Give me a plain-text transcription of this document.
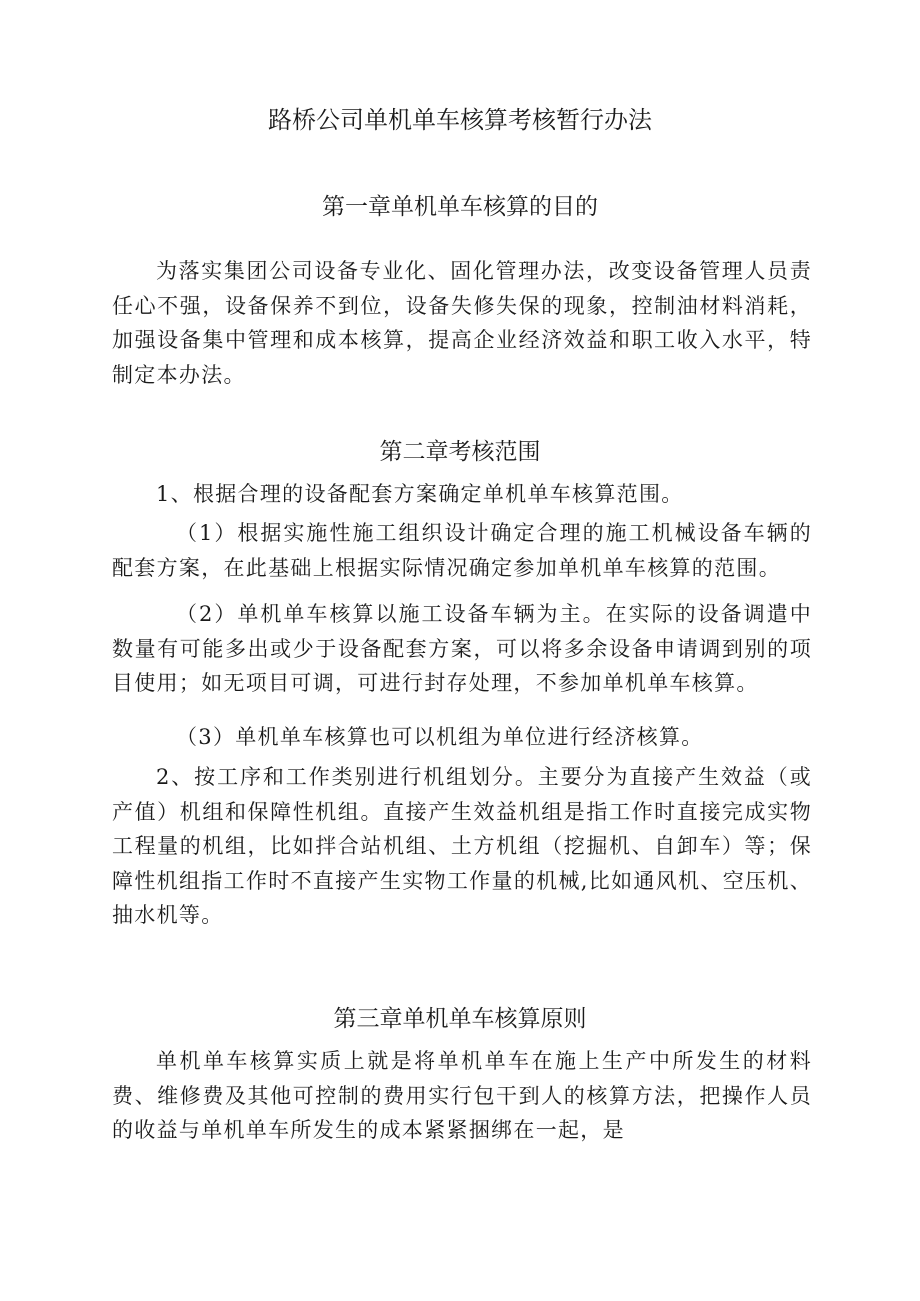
路桥公司单机单车核算考核暂行办法
第一章单机单车核算的目的

为落实集团公司设备专业化、固化管理办法，改变设备管理人员责任心不强，设备保养不到位，设备失修失保的现象，控制油材料消耗，加强设备集中管理和成本核算，提高企业经济效益和职工收入水平，特制定本办法。

第二章考核范围

1、根据合理的设备配套方案确定单机单车核算范围。

（1）根据实施性施工组织设计确定合理的施工机械设备车辆的配套方案，在此基础上根据实际情况确定参加单机单车核算的范围。

（2）单机单车核算以施工设备车辆为主。在实际的设备调遣中数量有可能多出或少于设备配套方案，可以将多余设备申请调到别的项目使用；如无项目可调，可进行封存处理，不参加单机单车核算。

（3）单机单车核算也可以机组为单位进行经济核算。

2、按工序和工作类别进行机组划分。主要分为直接产生效益（或产值）机组和保障性机组。直接产生效益机组是指工作时直接完成实物工程量的机组，比如拌合站机组、土方机组（挖掘机、自卸车）等；保障性机组指工作时不直接产生实物工作量的机械,比如通风机、空压机、抽水机等。

第三章单机单车核算原则

单机单车核算实质上就是将单机单车在施上生产中所发生的材料费、维修费及其他可控制的费用实行包干到人的核算方法，把操作人员的收益与单机单车所发生的成本紧紧捆绑在一起，是
